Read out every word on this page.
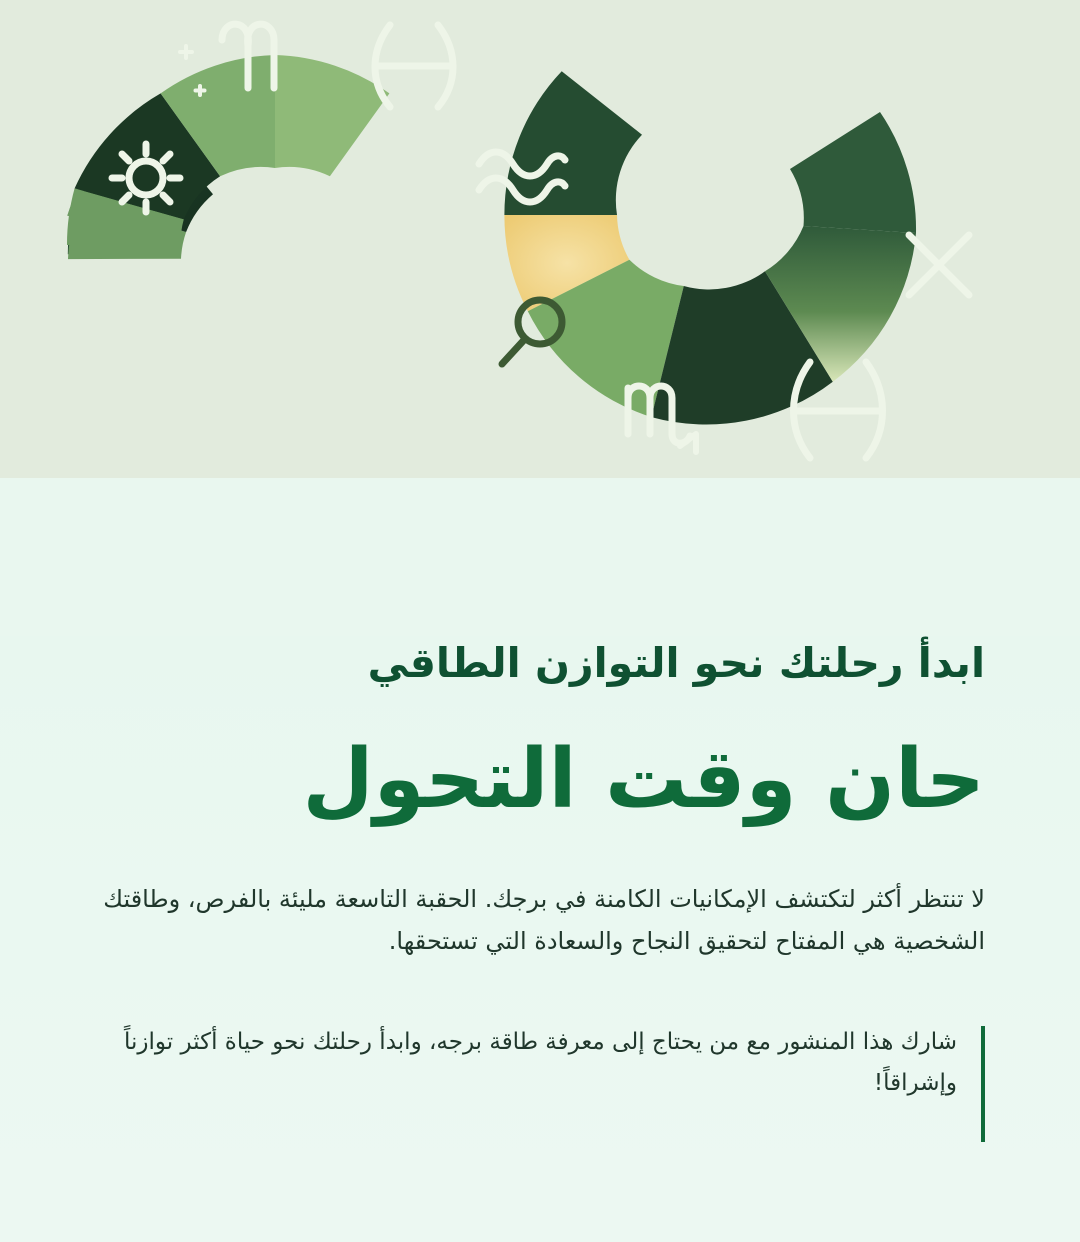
ابدأ رحلتك نحو التوازن الطاقي
حان وقت التحول

لا تنتظر أكثر لتكتشف الإمكانيات الكامنة في برجك. الحقبة التاسعة مليئة بالفرص، وطاقتك الشخصية هي المفتاح لتحقيق النجاح والسعادة التي تستحقها.

شارك هذا المنشور مع من يحتاج إلى معرفة طاقة برجه، وابدأ رحلتك نحو حياة أكثر توازناً وإشراقاً!
